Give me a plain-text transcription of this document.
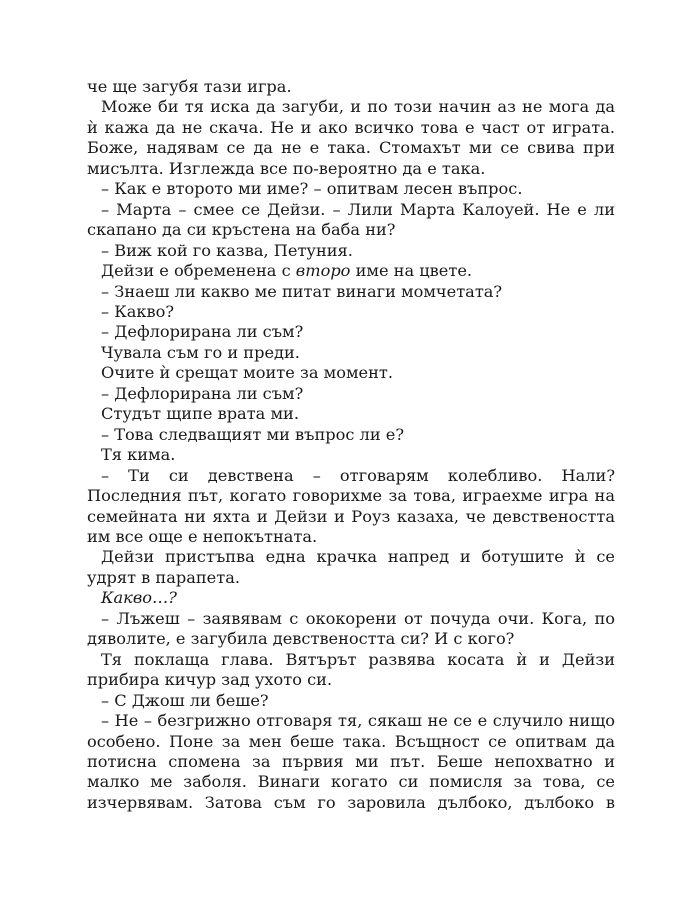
че ще загубя тази игра.

Може би тя иска да загуби, и по този начин аз не мога да ѝ кажа да не скача. Не и ако всичко това е част от играта. Боже, надявам се да не е така. Стомахът ми се свива при мисълта. Изглежда все по-вероятно да е така.

– Как е второто ми име? – опитвам лесен въпрос.

– Марта – смее се Дейзи. – Лили Марта Калоуей. Не е ли скапано да си кръстена на баба ни?

– Виж кой го казва, Петуния.

Дейзи е обременена с второ име на цвете.

– Знаеш ли какво ме питат винаги момчетата?

– Какво?

– Дефлорирана ли съм?

Чувала съм го и преди.

Очите ѝ срещат моите за момент.

– Дефлорирана ли съм?

Студът щипе врата ми.

– Това следващият ми въпрос ли е?

Тя кима.

– Ти си девствена – отговарям колебливо. Нали? Последния път, когато говорихме за това, играехме игра на семейната ни яхта и Дейзи и Роуз казаха, че девствеността им все още е непокътната.

Дейзи пристъпва една крачка напред и ботушите ѝ се удрят в парапета.

Какво…?

– Лъжеш – заявявам с ококорени от почуда очи. Кога, по дяволите, е загубила девствеността си? И с кого?

Тя поклаща глава. Вятърът развява косата ѝ и Дейзи прибира кичур зад ухото си.

– С Джош ли беше?

– Не – безгрижно отговаря тя, сякаш не се е случило нищо особено. Поне за мен беше така. Всъщност се опитвам да потисна спомена за първия ми път. Беше непохватно и малко ме заболя. Винаги когато си помисля за това, се изчервявам. Затова съм го заровила дълбоко, дълбоко в
